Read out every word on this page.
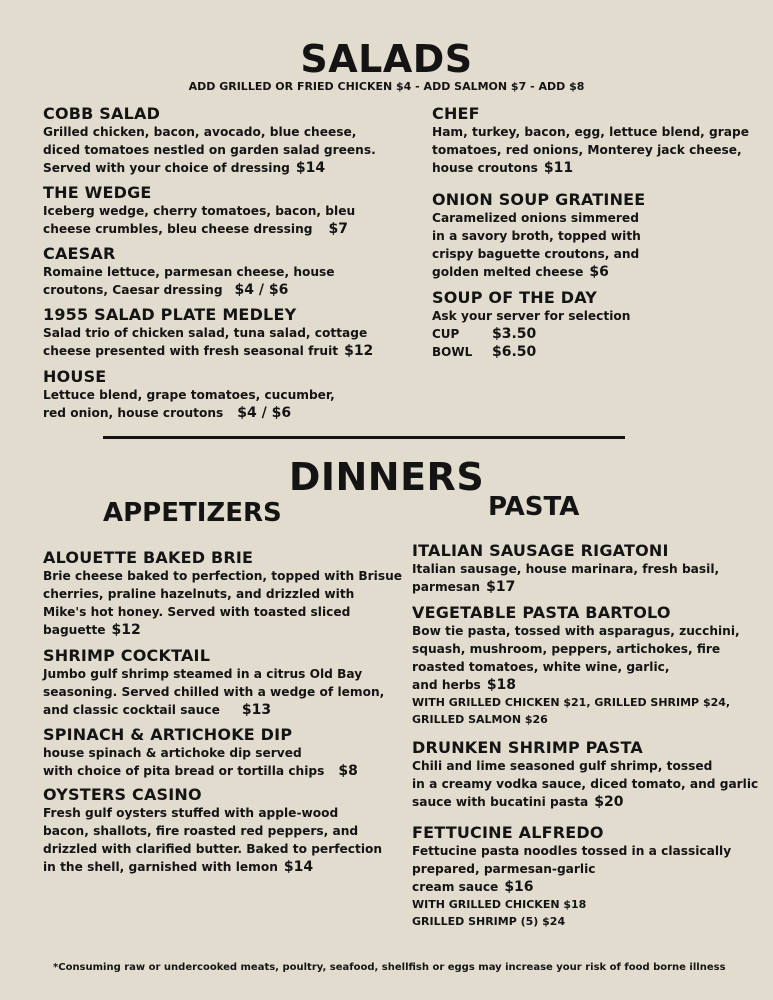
SALADS
ADD GRILLED OR FRIED CHICKEN $4 - ADD SALMON $7 - ADD $8
COBB SALAD
Grilled chicken, bacon, avocado, blue cheese,
diced tomatoes nestled on garden salad greens.
Served with your choice of dressing $14
THE WEDGE
Iceberg wedge, cherry tomatoes, bacon, bleu
cheese crumbles, bleu cheese dressing $7
CAESAR
Romaine lettuce, parmesan cheese, house
croutons, Caesar dressing $4 / $6
1955 SALAD PLATE MEDLEY
Salad trio of chicken salad, tuna salad, cottage
cheese presented with fresh seasonal fruit $12
HOUSE
Lettuce blend, grape tomatoes, cucumber,
red onion, house croutons $4 / $6
CHEF
Ham, turkey, bacon, egg, lettuce blend, grape
tomatoes, red onions, Monterey jack cheese,
house croutons $11
ONION SOUP GRATINEE
Caramelized onions simmered
in a savory broth, topped with
crispy baguette croutons, and
golden melted cheese $6
SOUP OF THE DAY
Ask your server for selection
CUP $3.50
BOWL $6.50
DINNERS
APPETIZERS	PASTA
ALOUETTE BAKED BRIE
Brie cheese baked to perfection, topped with Brisue
cherries, praline hazelnuts, and drizzled with
Mike's hot honey. Served with toasted sliced
baguette $12
SHRIMP COCKTAIL
Jumbo gulf shrimp steamed in a citrus Old Bay
seasoning. Served chilled with a wedge of lemon,
and classic cocktail sauce $13
SPINACH & ARTICHOKE DIP
house spinach & artichoke dip served
with choice of pita bread or tortilla chips $8
OYSTERS CASINO
Fresh gulf oysters stuffed with apple-wood
bacon, shallots, fire roasted red peppers, and
drizzled with clarified butter. Baked to perfection
in the shell, garnished with lemon $14
ITALIAN SAUSAGE RIGATONI
Italian sausage, house marinara, fresh basil,
parmesan $17
VEGETABLE PASTA BARTOLO
Bow tie pasta, tossed with asparagus, zucchini,
squash, mushroom, peppers, artichokes, fire
roasted tomatoes, white wine, garlic,
and herbs $18
WITH GRILLED CHICKEN $21, GRILLED SHRIMP $24,
GRILLED SALMON $26
DRUNKEN SHRIMP PASTA
Chili and lime seasoned gulf shrimp, tossed
in a creamy vodka sauce, diced tomato, and garlic
sauce with bucatini pasta $20
FETTUCINE ALFREDO
Fettucine pasta noodles tossed in a classically
prepared, parmesan-garlic
cream sauce $16
WITH GRILLED CHICKEN $18
GRILLED SHRIMP (5) $24
*Consuming raw or undercooked meats, poultry, seafood, shellfish or eggs may increase your risk of food borne illness
